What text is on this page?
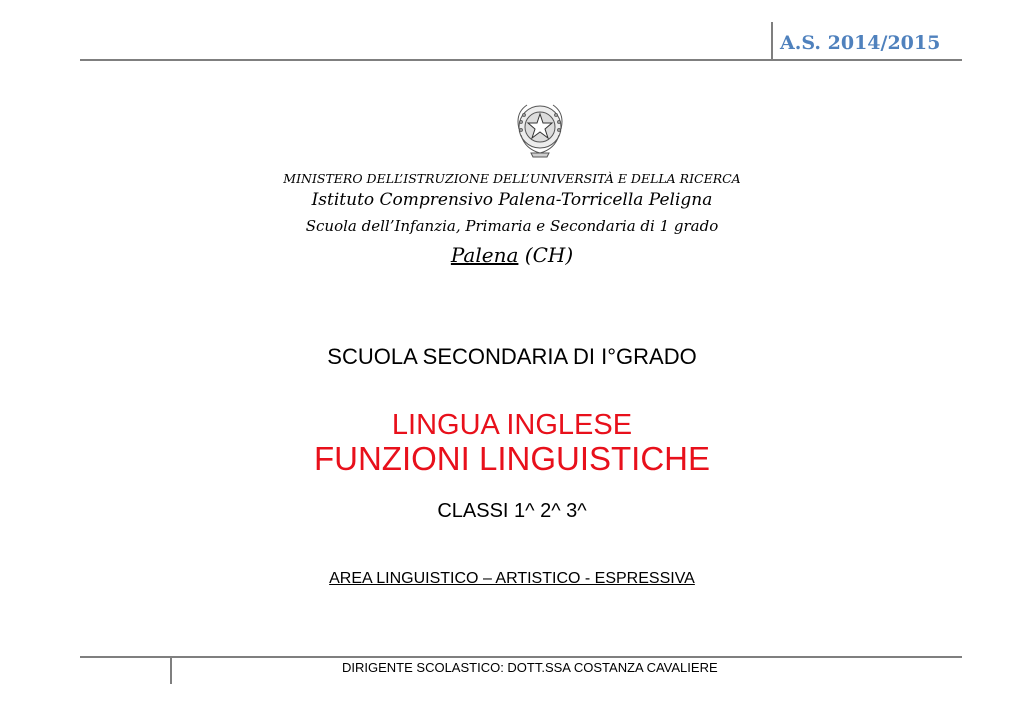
A.S. 2014/2015
MINISTERO DELL’ISTRUZIONE DELL’UNIVERSITÀ E DELLA RICERCA
Istituto Comprensivo Palena-Torricella Peligna
Scuola dell’Infanzia, Primaria e Secondaria di 1 grado
Palena (CH)
SCUOLA SECONDARIA DI I°GRADO
LINGUA INGLESE
FUNZIONI LINGUISTICHE
CLASSI 1^ 2^ 3^
AREA LINGUISTICO – ARTISTICO - ESPRESSIVA
DIRIGENTE SCOLASTICO: DOTT.SSA COSTANZA CAVALIERE
